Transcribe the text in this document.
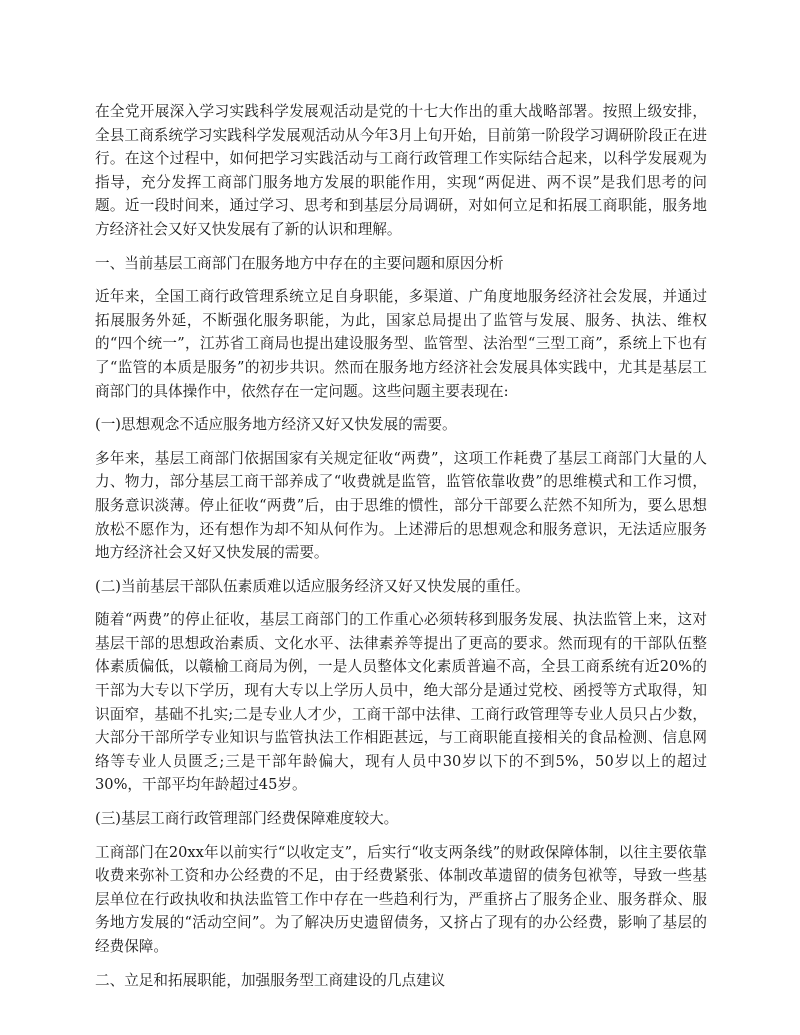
在全党开展深入学习实践科学发展观活动是党的十七大作出的重大战略部署。按照上级安排，全县工商系统学习实践科学发展观活动从今年3月上旬开始，目前第一阶段学习调研阶段正在进行。在这个过程中，如何把学习实践活动与工商行政管理工作实际结合起来，以科学发展观为指导，充分发挥工商部门服务地方发展的职能作用，实现“两促进、两不误”是我们思考的问题。近一段时间来，通过学习、思考和到基层分局调研，对如何立足和拓展工商职能，服务地方经济社会又好又快发展有了新的认识和理解。

一、当前基层工商部门在服务地方中存在的主要问题和原因分析

近年来，全国工商行政管理系统立足自身职能，多渠道、广角度地服务经济社会发展，并通过拓展服务外延，不断强化服务职能，为此，国家总局提出了监管与发展、服务、执法、维权的“四个统一”，江苏省工商局也提出建设服务型、监管型、法治型“三型工商”，系统上下也有了“监管的本质是服务”的初步共识。然而在服务地方经济社会发展具体实践中，尤其是基层工商部门的具体操作中，依然存在一定问题。这些问题主要表现在:

(一)思想观念不适应服务地方经济又好又快发展的需要。

多年来，基层工商部门依据国家有关规定征收“两费”，这项工作耗费了基层工商部门大量的人力、物力，部分基层工商干部养成了“收费就是监管，监管依靠收费”的思维模式和工作习惯，服务意识淡薄。停止征收“两费”后，由于思维的惯性，部分干部要么茫然不知所为，要么思想放松不愿作为，还有想作为却不知从何作为。上述滞后的思想观念和服务意识，无法适应服务地方经济社会又好又快发展的需要。

(二)当前基层干部队伍素质难以适应服务经济又好又快发展的重任。

随着“两费”的停止征收，基层工商部门的工作重心必须转移到服务发展、执法监管上来，这对基层干部的思想政治素质、文化水平、法律素养等提出了更高的要求。然而现有的干部队伍整体素质偏低，以赣榆工商局为例，一是人员整体文化素质普遍不高，全县工商系统有近20%的干部为大专以下学历，现有大专以上学历人员中，绝大部分是通过党校、函授等方式取得，知识面窄，基础不扎实;二是专业人才少，工商干部中法律、工商行政管理等专业人员只占少数，大部分干部所学专业知识与监管执法工作相距甚远，与工商职能直接相关的食品检测、信息网络等专业人员匮乏;三是干部年龄偏大，现有人员中30岁以下的不到5%，50岁以上的超过30%，干部平均年龄超过45岁。

(三)基层工商行政管理部门经费保障难度较大。

工商部门在20xx年以前实行“以收定支”，后实行“收支两条线”的财政保障体制，以往主要依靠收费来弥补工资和办公经费的不足，由于经费紧张、体制改革遗留的债务包袱等，导致一些基层单位在行政执收和执法监管工作中存在一些趋利行为，严重挤占了服务企业、服务群众、服务地方发展的“活动空间”。为了解决历史遗留债务，又挤占了现有的办公经费，影响了基层的经费保障。

二、立足和拓展职能，加强服务型工商建设的几点建议
